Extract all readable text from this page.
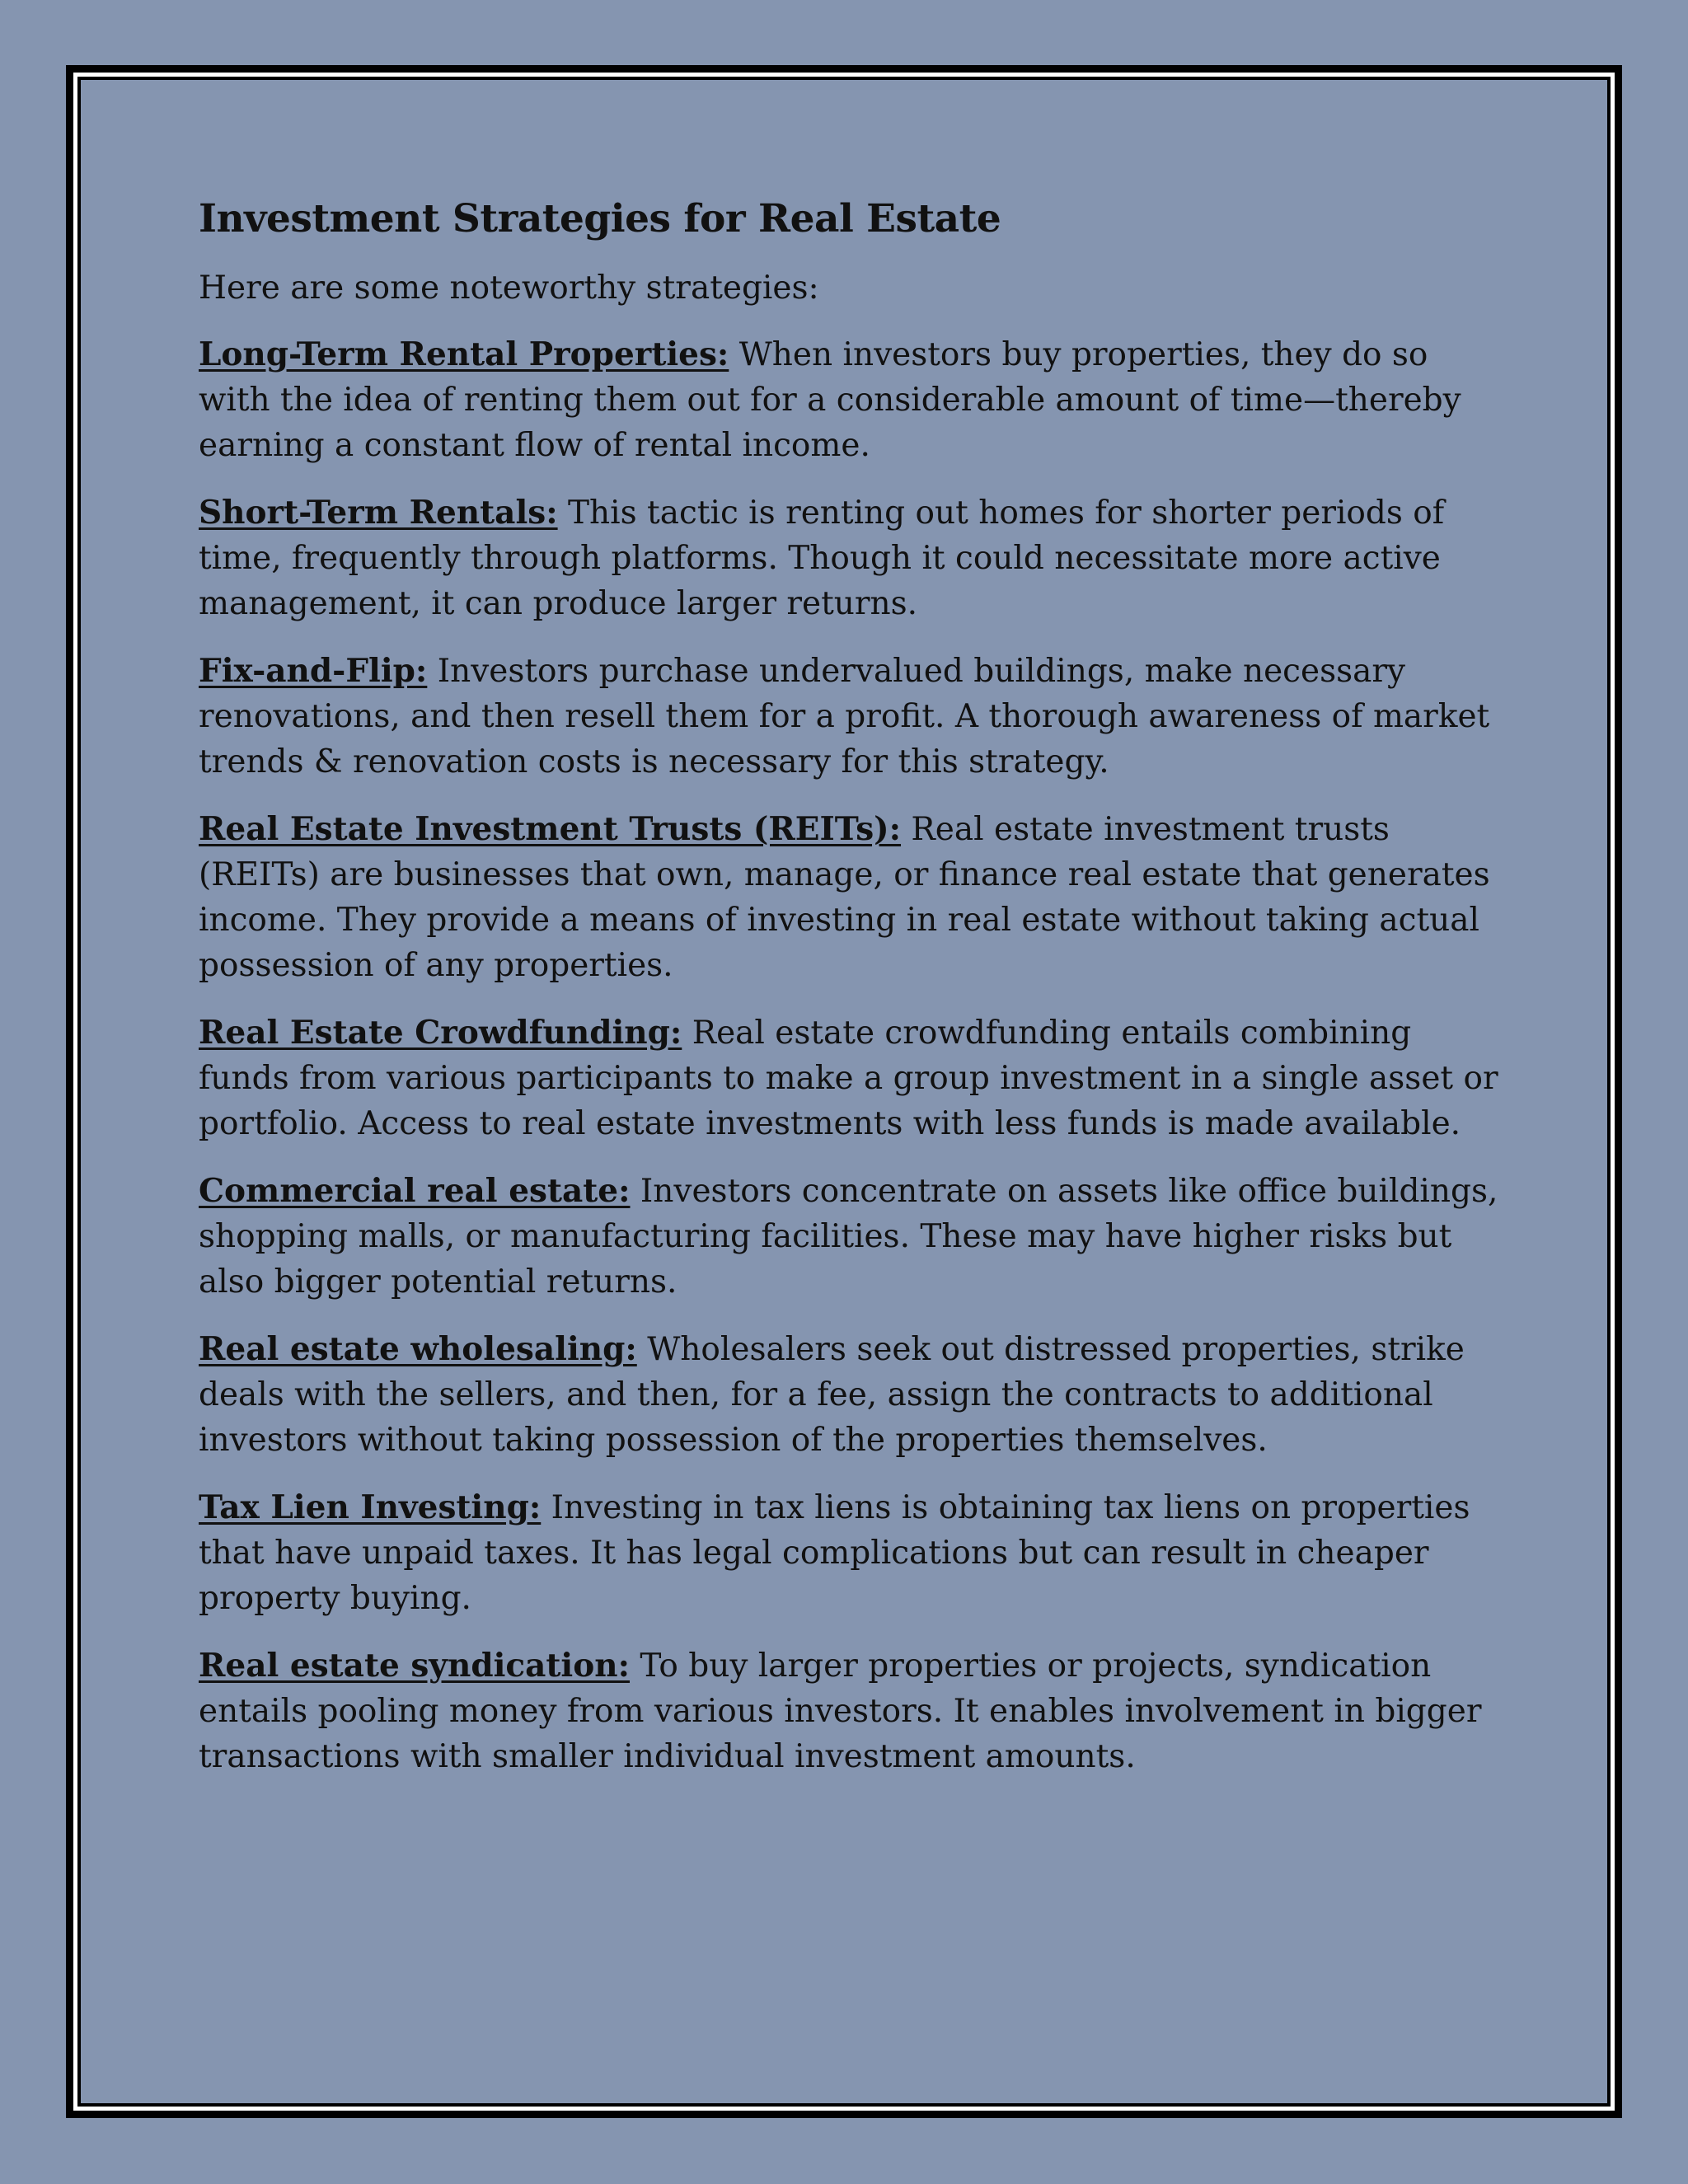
Investment Strategies for Real Estate

Here are some noteworthy strategies:

Long-Term Rental Properties: When investors buy properties, they do so with the idea of renting them out for a considerable amount of time—thereby earning a constant flow of rental income.

Short-Term Rentals: This tactic is renting out homes for shorter periods of time, frequently through platforms. Though it could necessitate more active management, it can produce larger returns.

Fix-and-Flip: Investors purchase undervalued buildings, make necessary renovations, and then resell them for a profit. A thorough awareness of market trends & renovation costs is necessary for this strategy.

Real Estate Investment Trusts (REITs): Real estate investment trusts (REITs) are businesses that own, manage, or finance real estate that generates income. They provide a means of investing in real estate without taking actual possession of any properties.

Real Estate Crowdfunding: Real estate crowdfunding entails combining funds from various participants to make a group investment in a single asset or portfolio. Access to real estate investments with less funds is made available.

Commercial real estate: Investors concentrate on assets like office buildings, shopping malls, or manufacturing facilities. These may have higher risks but also bigger potential returns.

Real estate wholesaling: Wholesalers seek out distressed properties, strike deals with the sellers, and then, for a fee, assign the contracts to additional investors without taking possession of the properties themselves.

Tax Lien Investing: Investing in tax liens is obtaining tax liens on properties that have unpaid taxes. It has legal complications but can result in cheaper property buying.

Real estate syndication: To buy larger properties or projects, syndication entails pooling money from various investors. It enables involvement in bigger transactions with smaller individual investment amounts.
